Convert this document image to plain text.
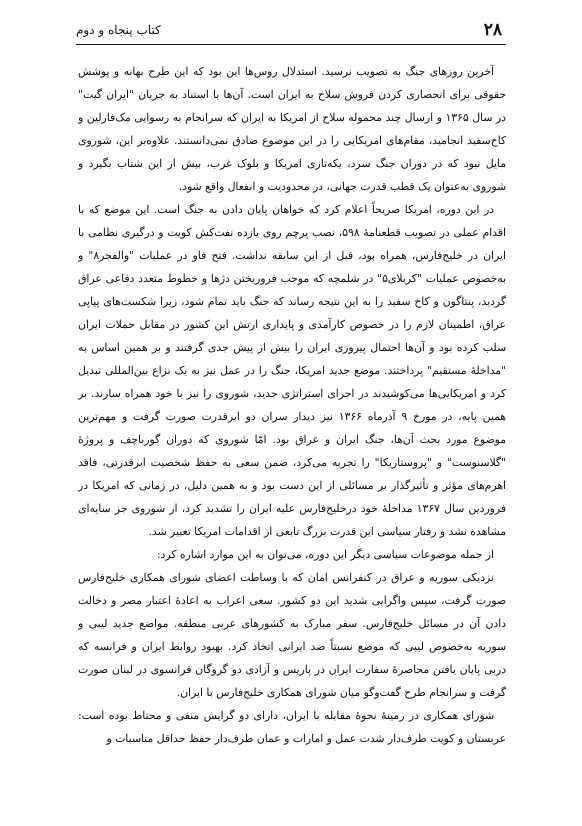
۲۸
کتاب پنجاه و دوم

آخرین روزهای جنگ به تصویب نرسید. استدلال روس‌ها این بود که این طرح بهانه و پوشش حقوقی برای انحصاری کردن فروش سلاح به ایران است. آن‌ها با استناد به جریان "ایران گیت" در سال ۱۳۶۵ و ارسال چند محموله سلاح از امریکا به ایران که سرانجام به رسوایی مک‌فارلین و کاخ‌سفید انجامید، مقام‌های امریکایی را در این موضوع صادق نمی‌دانستند. علاوه‌بر این، شوروی مایل نبود که در دوران جنگ سرد، یکه‌تازی امریکا و بلوک غرب، بیش از این شتاب بگیرد و شوروی به‌عنوان یک قطب قدرت جهانی، در محدودیت و انفعال واقع شود.

در این دوره، امریکا صریحاً اعلام کرد که خواهان پایان دادن به جنگ است. این موضع که با اقدام عملی در تصویب قطعنامهٔ ۵۹۸، نصب پرچم روی یازده نفت‌کش کویت و درگیری نظامی با ایران در خلیج‌فارس، همراه بود، قبل از این سابقه نداشت. فتح فاو در عملیات "والفجر۸" و به‌خصوص عملیات "کربلای۵" در شلمچه که موجب فروریختن دژها و خطوط متعدد دفاعی عراق گردید، پنتاگون و کاخ سفید را به این نتیجه رساند که جنگ باید تمام شود، زیرا شکست‌های پیاپی عراق، اطمینان لازم را در خصوص کارآمدی و پایداری ارتش این کشور در مقابل حملات ایران سلب کرده بود و آن‌ها احتمال پیروزی ایران را بیش از پیش جدی گرفتند و بر همین اساس به "مداخلهٔ مستقیم" پرداختند. موضع جدید امریکا، جنگ را در عمل نیز به یک نزاع بین‌المللی تبدیل کرد و امریکایی‌ها می‌کوشیدند در اجرای استراتژی جدید، شوروی را نیز با خود همراه سازند. بر همین پایه، در مورخ ۹ آذرماه ۱۳۶۶ نیز دیدار سران دو ابرقدرت صورت گرفت و مهم‌ترین موضوع مورد بحث آن‌ها، جنگ ایران و عراق بود. امّا شوروی که دوران گورباچف و پروژهٔ "گلاسنوست" و "پروستاریکا" را تجربه می‌کرد، ضمن سعی به حفظ شخصیت ابرقدرتی، فاقد اهرم‌های مؤثر و تأثیرگذار بر مسائلی از این دست بود و به همین دلیل، در زمانی که امریکا در فروردین سال ۱۳۶۷ مداخلهٔ خود درخلیج‌فارس علیه ایران را تشدید کرد، از شوروی جز سایه‌ای مشاهده نشد و رفتار سیاسی این قدرت بزرگ تابعی از اقدامات امریکا تعبیر شد.

از جمله موضوعات سیاسی دیگر این دوره، می‌توان به این موارد اشاره کرد:

نزدیکی سوریه و عراق در کنفرانس امان که با وساطت اعضای شورای همکاری خلیج‌فارس صورت گرفت، سپس واگرایی شدید این دو کشور. سعی اعراب به اعادهٔ اعتبار مصر و دخالت دادن آن در مسائل خلیج‌فارس. سفر مبارک به کشورهای عربی منطقه. مواضع جدید لیبی و سوریه به‌خصوص لیبی که موضع نسبتاً ضد ایرانی اتخاذ کرد. بهبود روابط ایران و فرانسه که دربی پایان یافتن محاصرهٔ سفارت ایران در پاریس و آزادی دو گروگان فرانسوی در لبنان صورت گرفت و سرانجام طرح گفت‌وگو میان شورای همکاری خلیج‌فارس با ایران.

شورای همکاری در زمینهٔ نحوهٔ مقابله با ایران، دارای دو گرایش منفی و محتاط بوده است: عربستان و کویت طرف‌دار شدت عمل و امارات و عمان طرف‌دار حفظ حداقل مناسبات و
